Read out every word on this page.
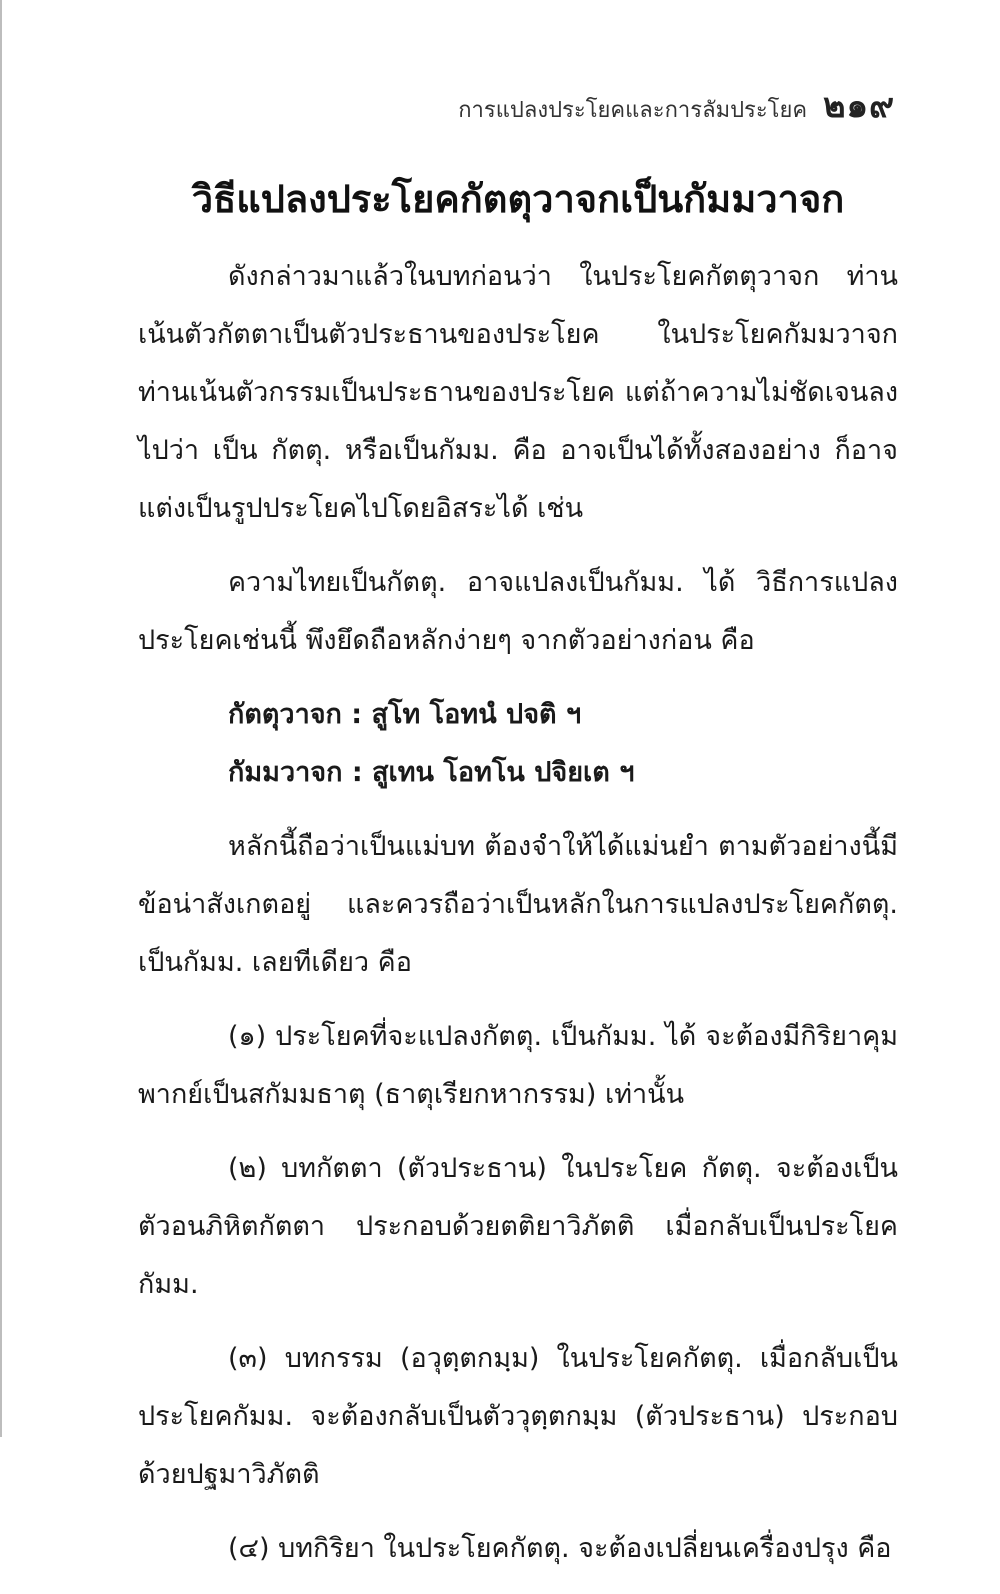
การแปลงประโยคและการลัมประโยค ๒๑๙
วิธีแปลงประโยคกัตตุวาจกเป็นกัมมวาจก

ดังกล่าวมาแล้วในบทก่อนว่า ในประโยคกัตตุวาจก ท่านเน้นตัวกัตตาเป็นตัวประธานของประโยค ในประโยคกัมมวาจก ท่านเน้นตัวกรรมเป็นประธานของประโยค แต่ถ้าความไม่ชัดเจนลงไปว่า เป็น กัตตุ. หรือเป็นกัมม. คือ อาจเป็นได้ทั้งสองอย่าง ก็อาจแต่งเป็นรูปประโยคไปโดยอิสระได้ เช่น

ความไทยเป็นกัตตุ. อาจแปลงเป็นกัมม. ได้ วิธีการแปลงประโยคเช่นนี้ พึงยึดถือหลักง่ายๆ จากตัวอย่างก่อน คือ

กัตตุวาจก : สูโท โอทนํ ปจติ ฯ

กัมมวาจก : สูเทน โอทโน ปจิยเต ฯ

หลักนี้ถือว่าเป็นแม่บท ต้องจำให้ได้แม่นยำ ตามตัวอย่างนี้มีข้อน่าสังเกตอยู่ และควรถือว่าเป็นหลักในการแปลงประโยคกัตตุ. เป็นกัมม. เลยทีเดียว คือ

(๑) ประโยคที่จะแปลงกัตตุ. เป็นกัมม. ได้ จะต้องมีกิริยาคุมพากย์เป็นสกัมมธาตุ (ธาตุเรียกหากรรม) เท่านั้น

(๒) บทกัตตา (ตัวประธาน) ในประโยค กัตตุ. จะต้องเป็นตัวอนภิหิตกัตตา ประกอบด้วยตติยาวิภัตติ เมื่อกลับเป็นประโยคกัมม.

(๓) บทกรรม (อวุตฺตกมฺม) ในประโยคกัตตุ. เมื่อกลับเป็นประโยคกัมม. จะต้องกลับเป็นตัววุตฺตกมฺม (ตัวประธาน) ประกอบด้วยปฐมาวิภัตติ

(๔) บทกิริยา ในประโยคกัตตุ. จะต้องเปลี่ยนเครื่องปรุง คือ
